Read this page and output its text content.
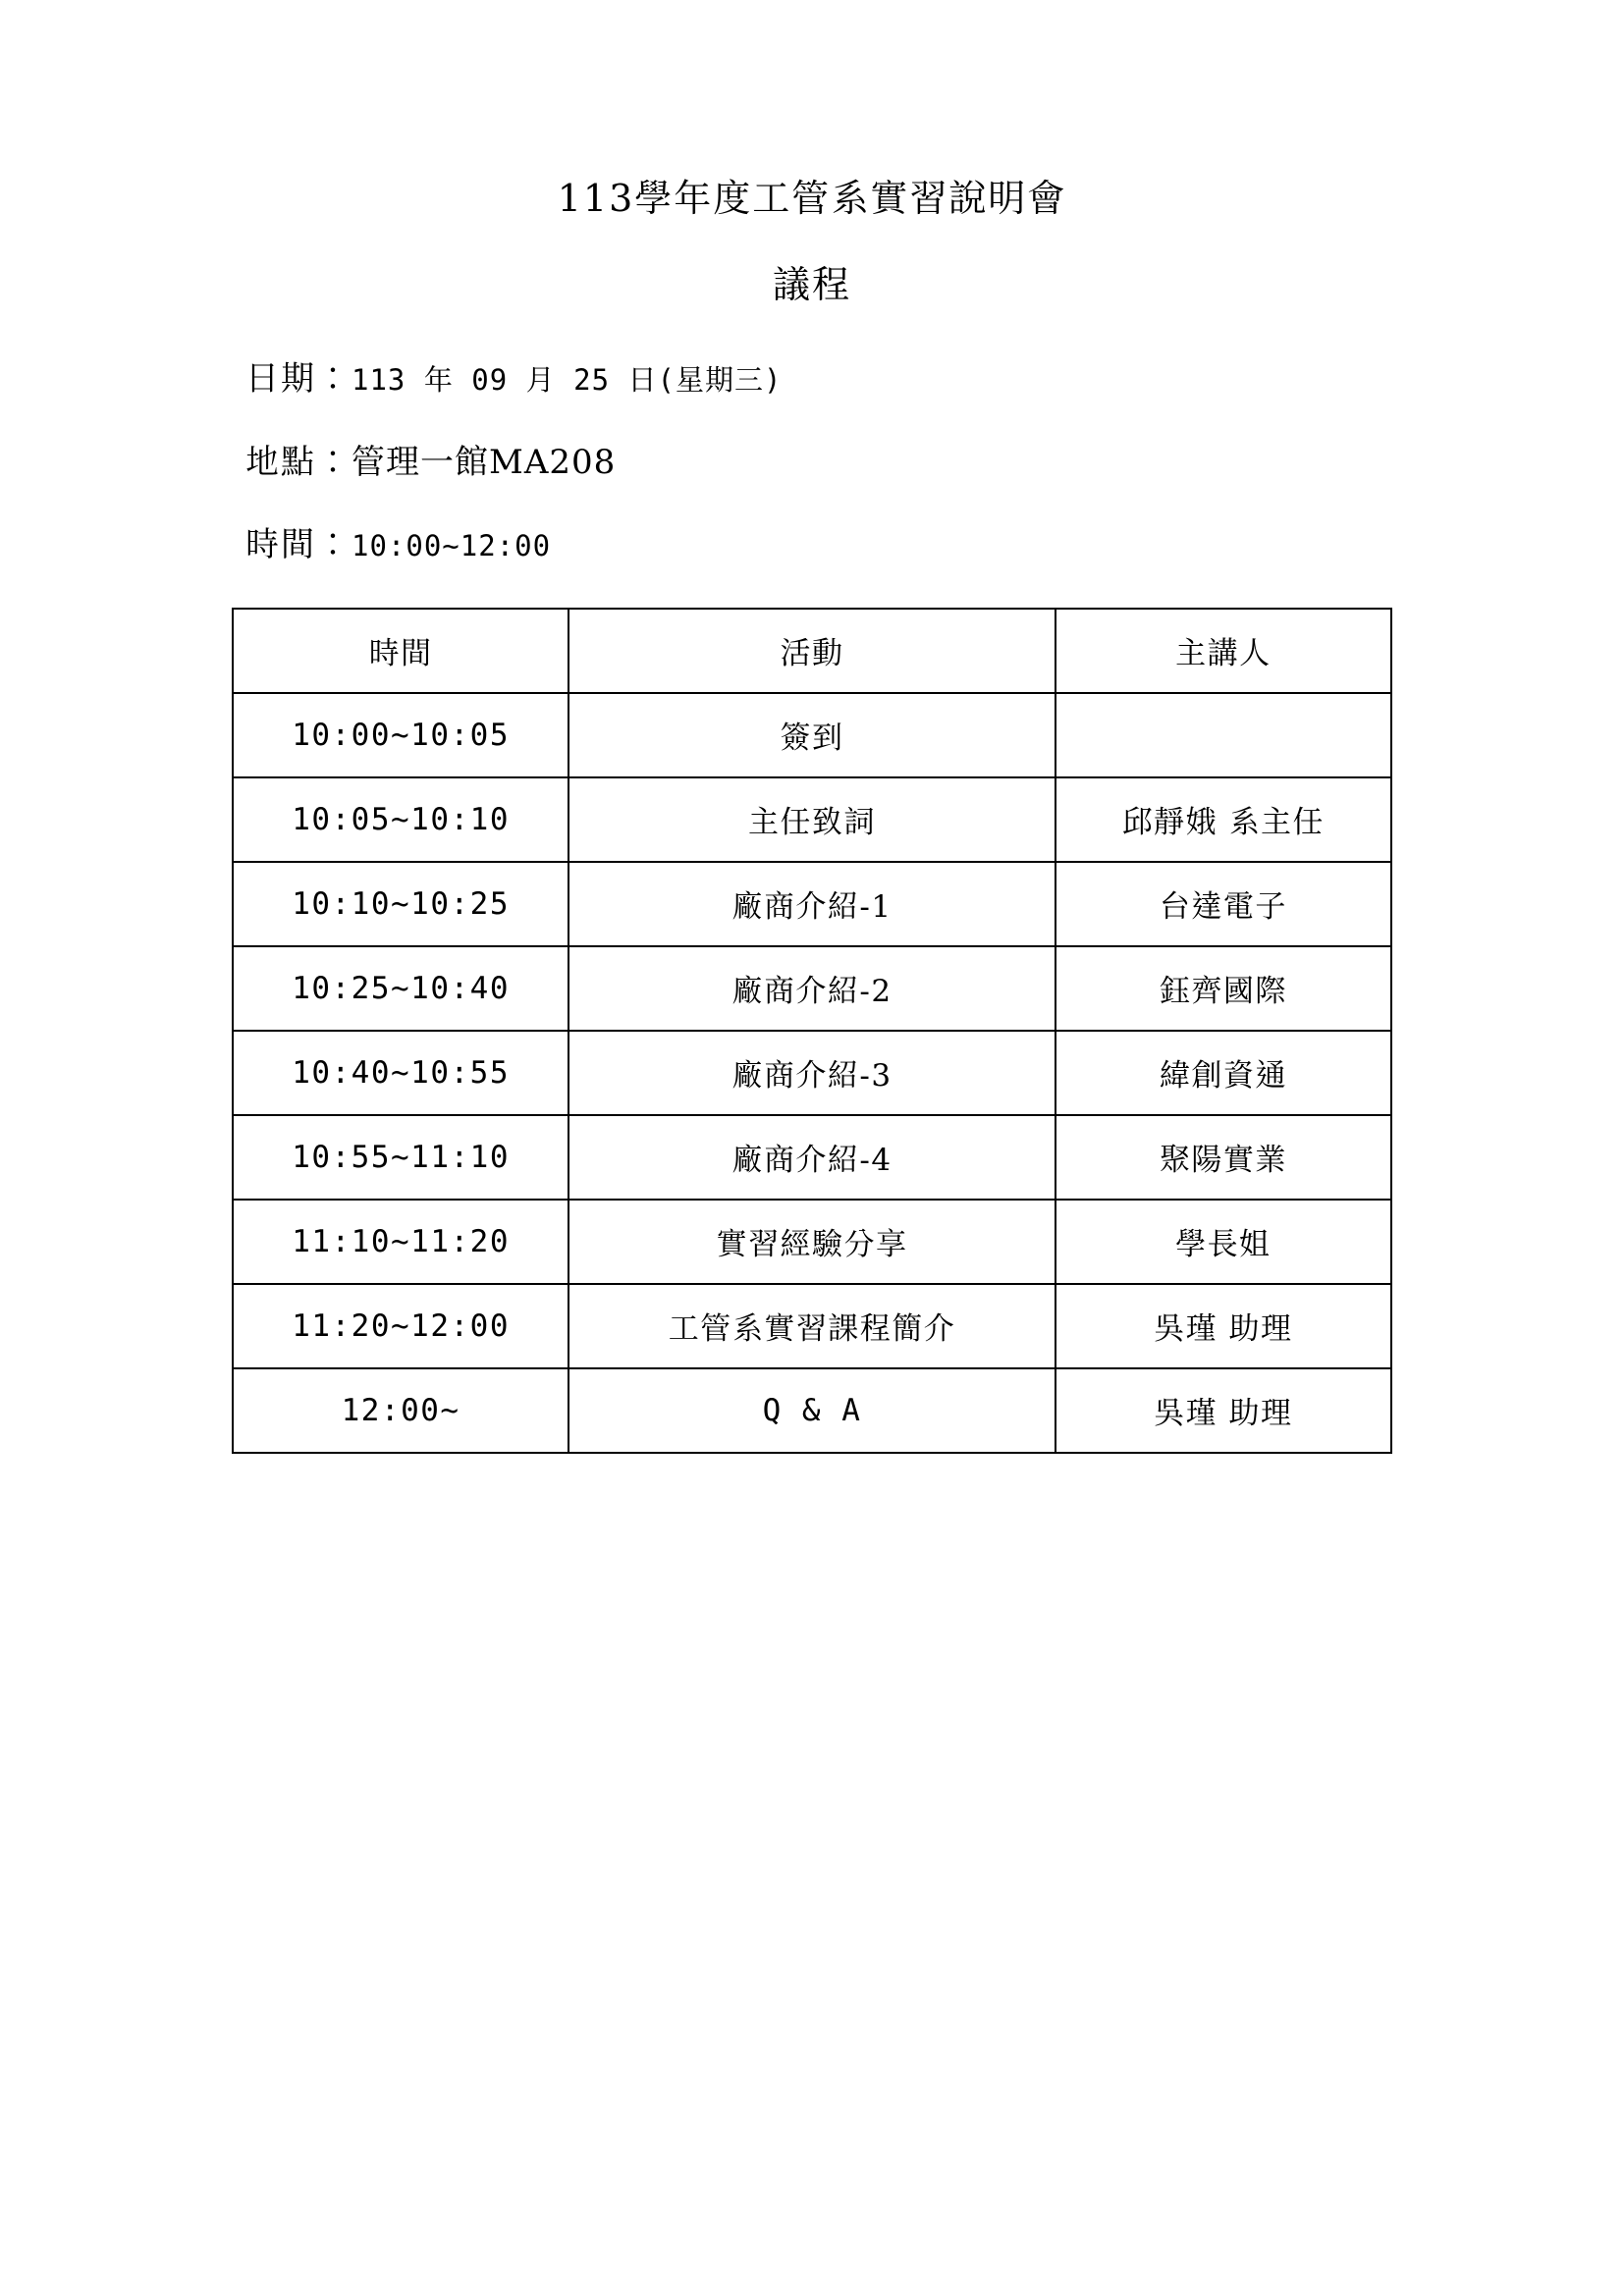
113學年度工管系實習說明會
議程

日期：113 年 09 月 25 日(星期三)

地點：管理一館MA208

時間：10:00~12:00

時間	活動	主講人
10:00~10:05	簽到	
10:05~10:10	主任致詞	邱靜娥 系主任
10:10~10:25	廠商介紹-1	台達電子
10:25~10:40	廠商介紹-2	鈺齊國際
10:40~10:55	廠商介紹-3	緯創資通
10:55~11:10	廠商介紹-4	聚陽實業
11:10~11:20	實習經驗分享	學長姐
11:20~12:00	工管系實習課程簡介	吳瑾 助理
12:00~	Q & A	吳瑾 助理
